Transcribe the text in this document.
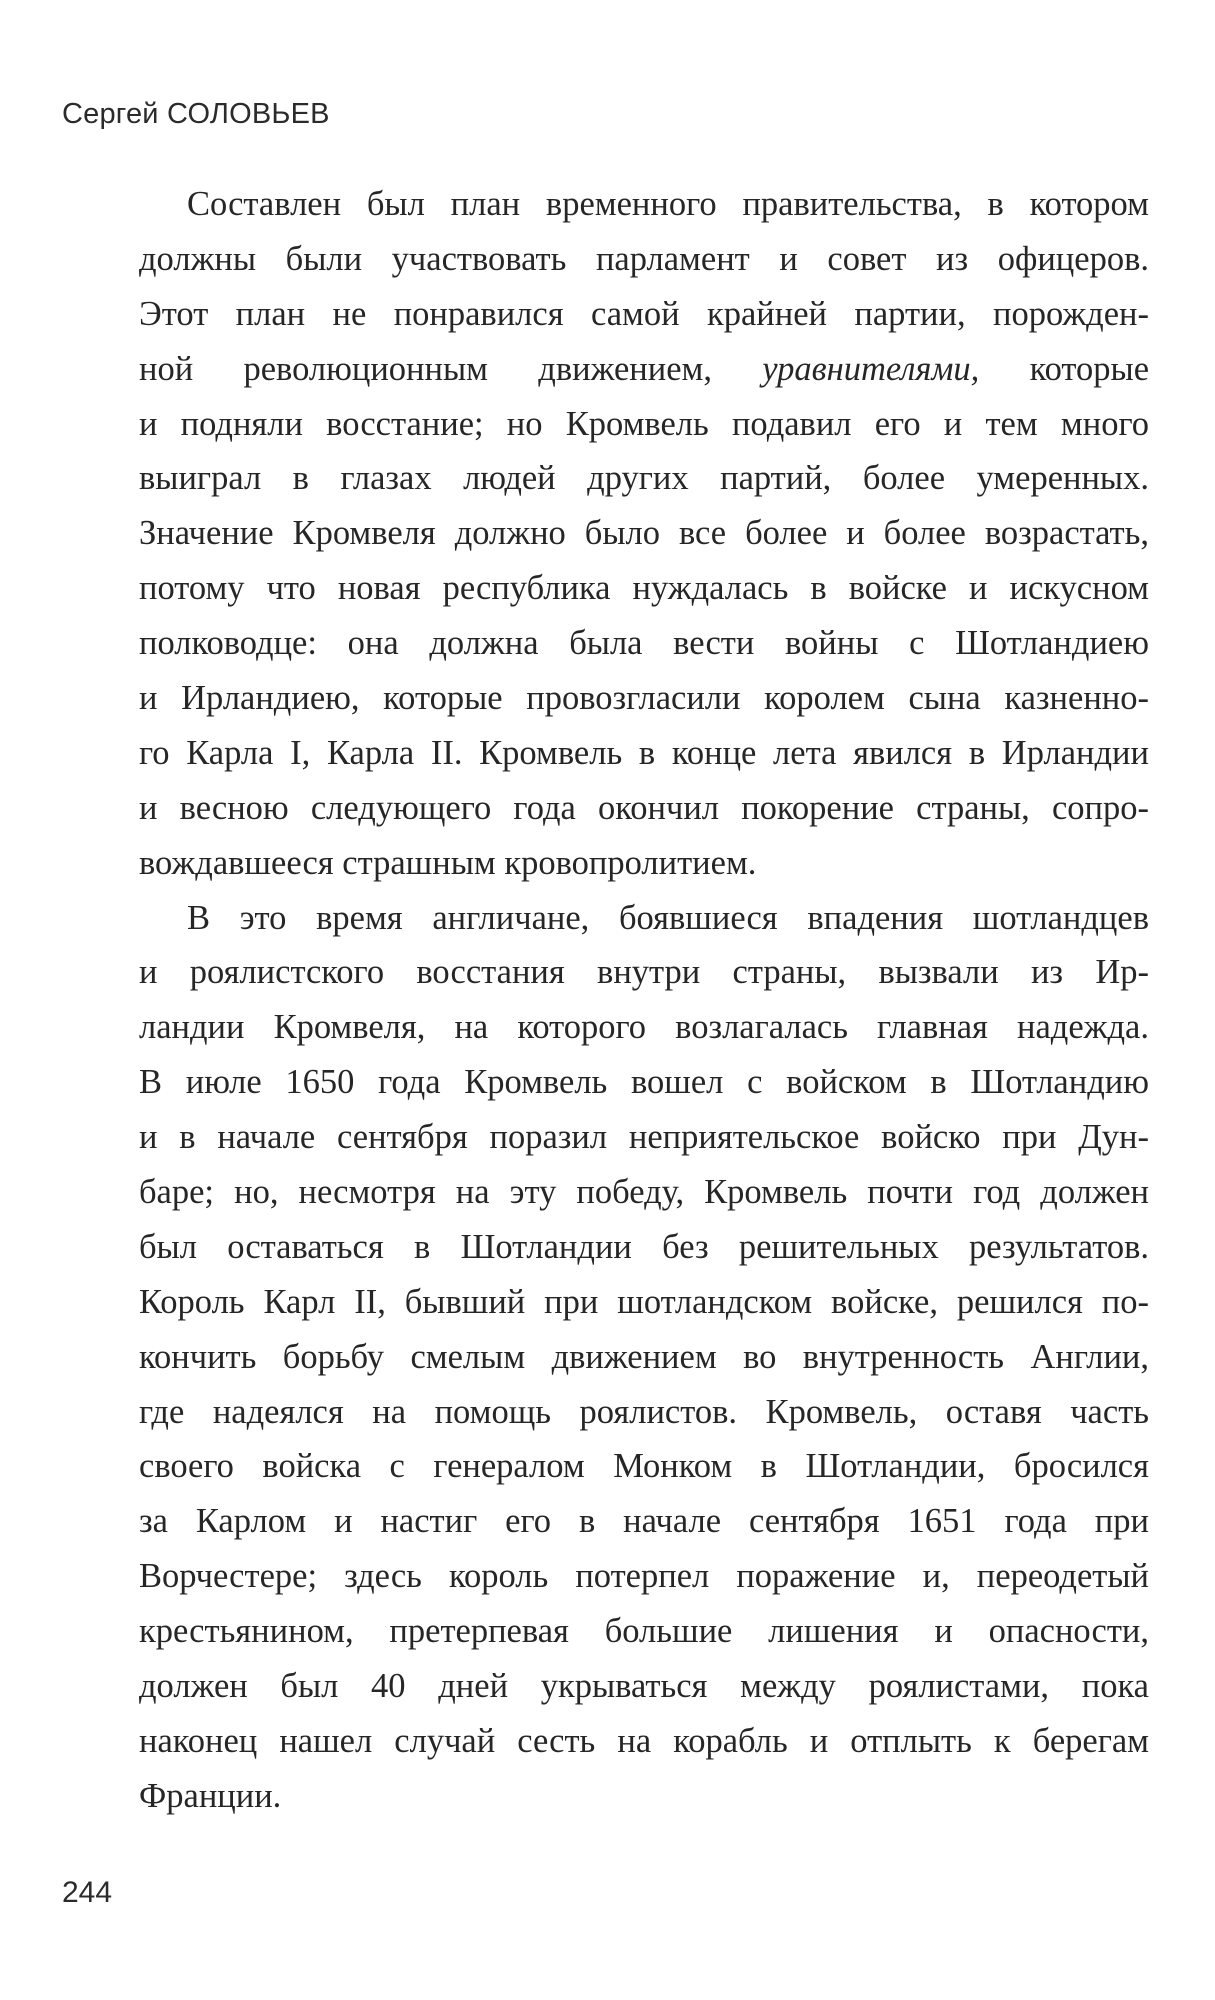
Сергей СОЛОВЬЕВ
Составлен был план временного правительства, в котором
должны были участвовать парламент и совет из офицеров.
Этот план не понравился самой крайней партии, порожден-
ной революционным движением, уравнителями, которые
и подняли восстание; но Кромвель подавил его и тем много
выиграл в глазах людей других партий, более умеренных.
Значение Кромвеля должно было все более и более возрастать,
потому что новая республика нуждалась в войске и искусном
полководце: она должна была вести войны с Шотландиею
и Ирландиею, которые провозгласили королем сына казненно-
го Карла I, Карла II. Кромвель в конце лета явился в Ирландии
и весною следующего года окончил покорение страны, сопро-
вождавшееся страшным кровопролитием.
В это время англичане, боявшиеся впадения шотландцев
и роялистского восстания внутри страны, вызвали из Ир-
ландии Кромвеля, на которого возлагалась главная надежда.
В июле 1650 года Кромвель вошел с войском в Шотландию
и в начале сентября поразил неприятельское войско при Дун-
баре; но, несмотря на эту победу, Кромвель почти год должен
был оставаться в Шотландии без решительных результатов.
Король Карл II, бывший при шотландском войске, решился по-
кончить борьбу смелым движением во внутренность Англии,
где надеялся на помощь роялистов. Кромвель, оставя часть
своего войска с генералом Монком в Шотландии, бросился
за Карлом и настиг его в начале сентября 1651 года при
Ворчестере; здесь король потерпел поражение и, переодетый
крестьянином, претерпевая большие лишения и опасности,
должен был 40 дней укрываться между роялистами, пока
наконец нашел случай сесть на корабль и отплыть к берегам
Франции.
244
